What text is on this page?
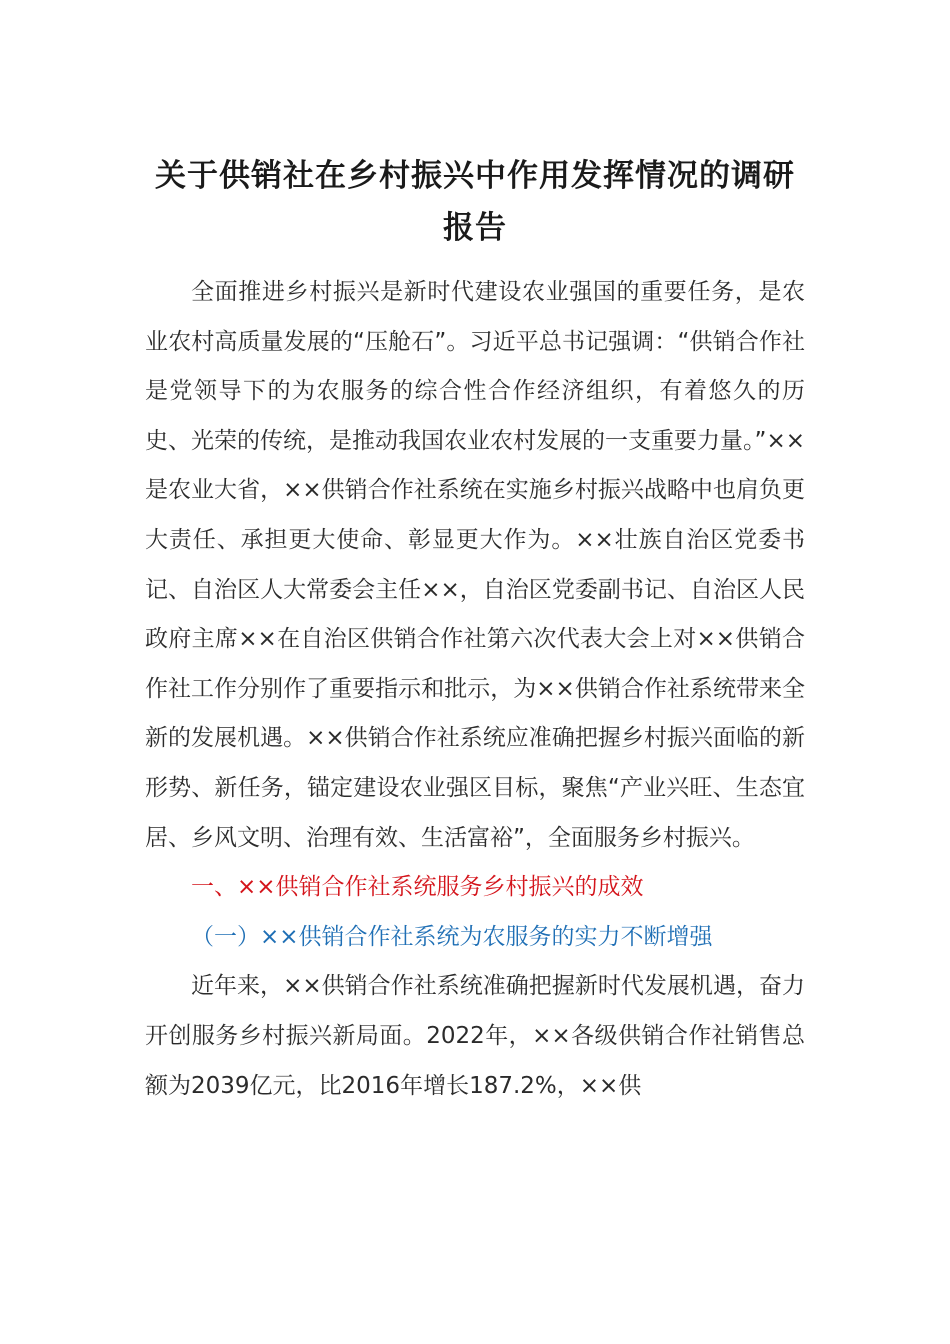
关于供销社在乡村振兴中作用发挥情况的调研报告

全面推进乡村振兴是新时代建设农业强国的重要任务，是农业农村高质量发展的“压舱石”。习近平总书记强调：“供销合作社是党领导下的为农服务的综合性合作经济组织，有着悠久的历史、光荣的传统，是推动我国农业农村发展的一支重要力量。”××是农业大省，××供销合作社系统在实施乡村振兴战略中也肩负更大责任、承担更大使命、彰显更大作为。××壮族自治区党委书记、自治区人大常委会主任××，自治区党委副书记、自治区人民政府主席××在自治区供销合作社第六次代表大会上对××供销合作社工作分别作了重要指示和批示，为××供销合作社系统带来全新的发展机遇。××供销合作社系统应准确把握乡村振兴面临的新形势、新任务，锚定建设农业强区目标，聚焦“产业兴旺、生态宜居、乡风文明、治理有效、生活富裕”，全面服务乡村振兴。

一、××供销合作社系统服务乡村振兴的成效

（一）××供销合作社系统为农服务的实力不断增强

近年来，××供销合作社系统准确把握新时代发展机遇，奋力开创服务乡村振兴新局面。2022年，××各级供销合作社销售总额为2039亿元，比2016年增长187.2%，××供
